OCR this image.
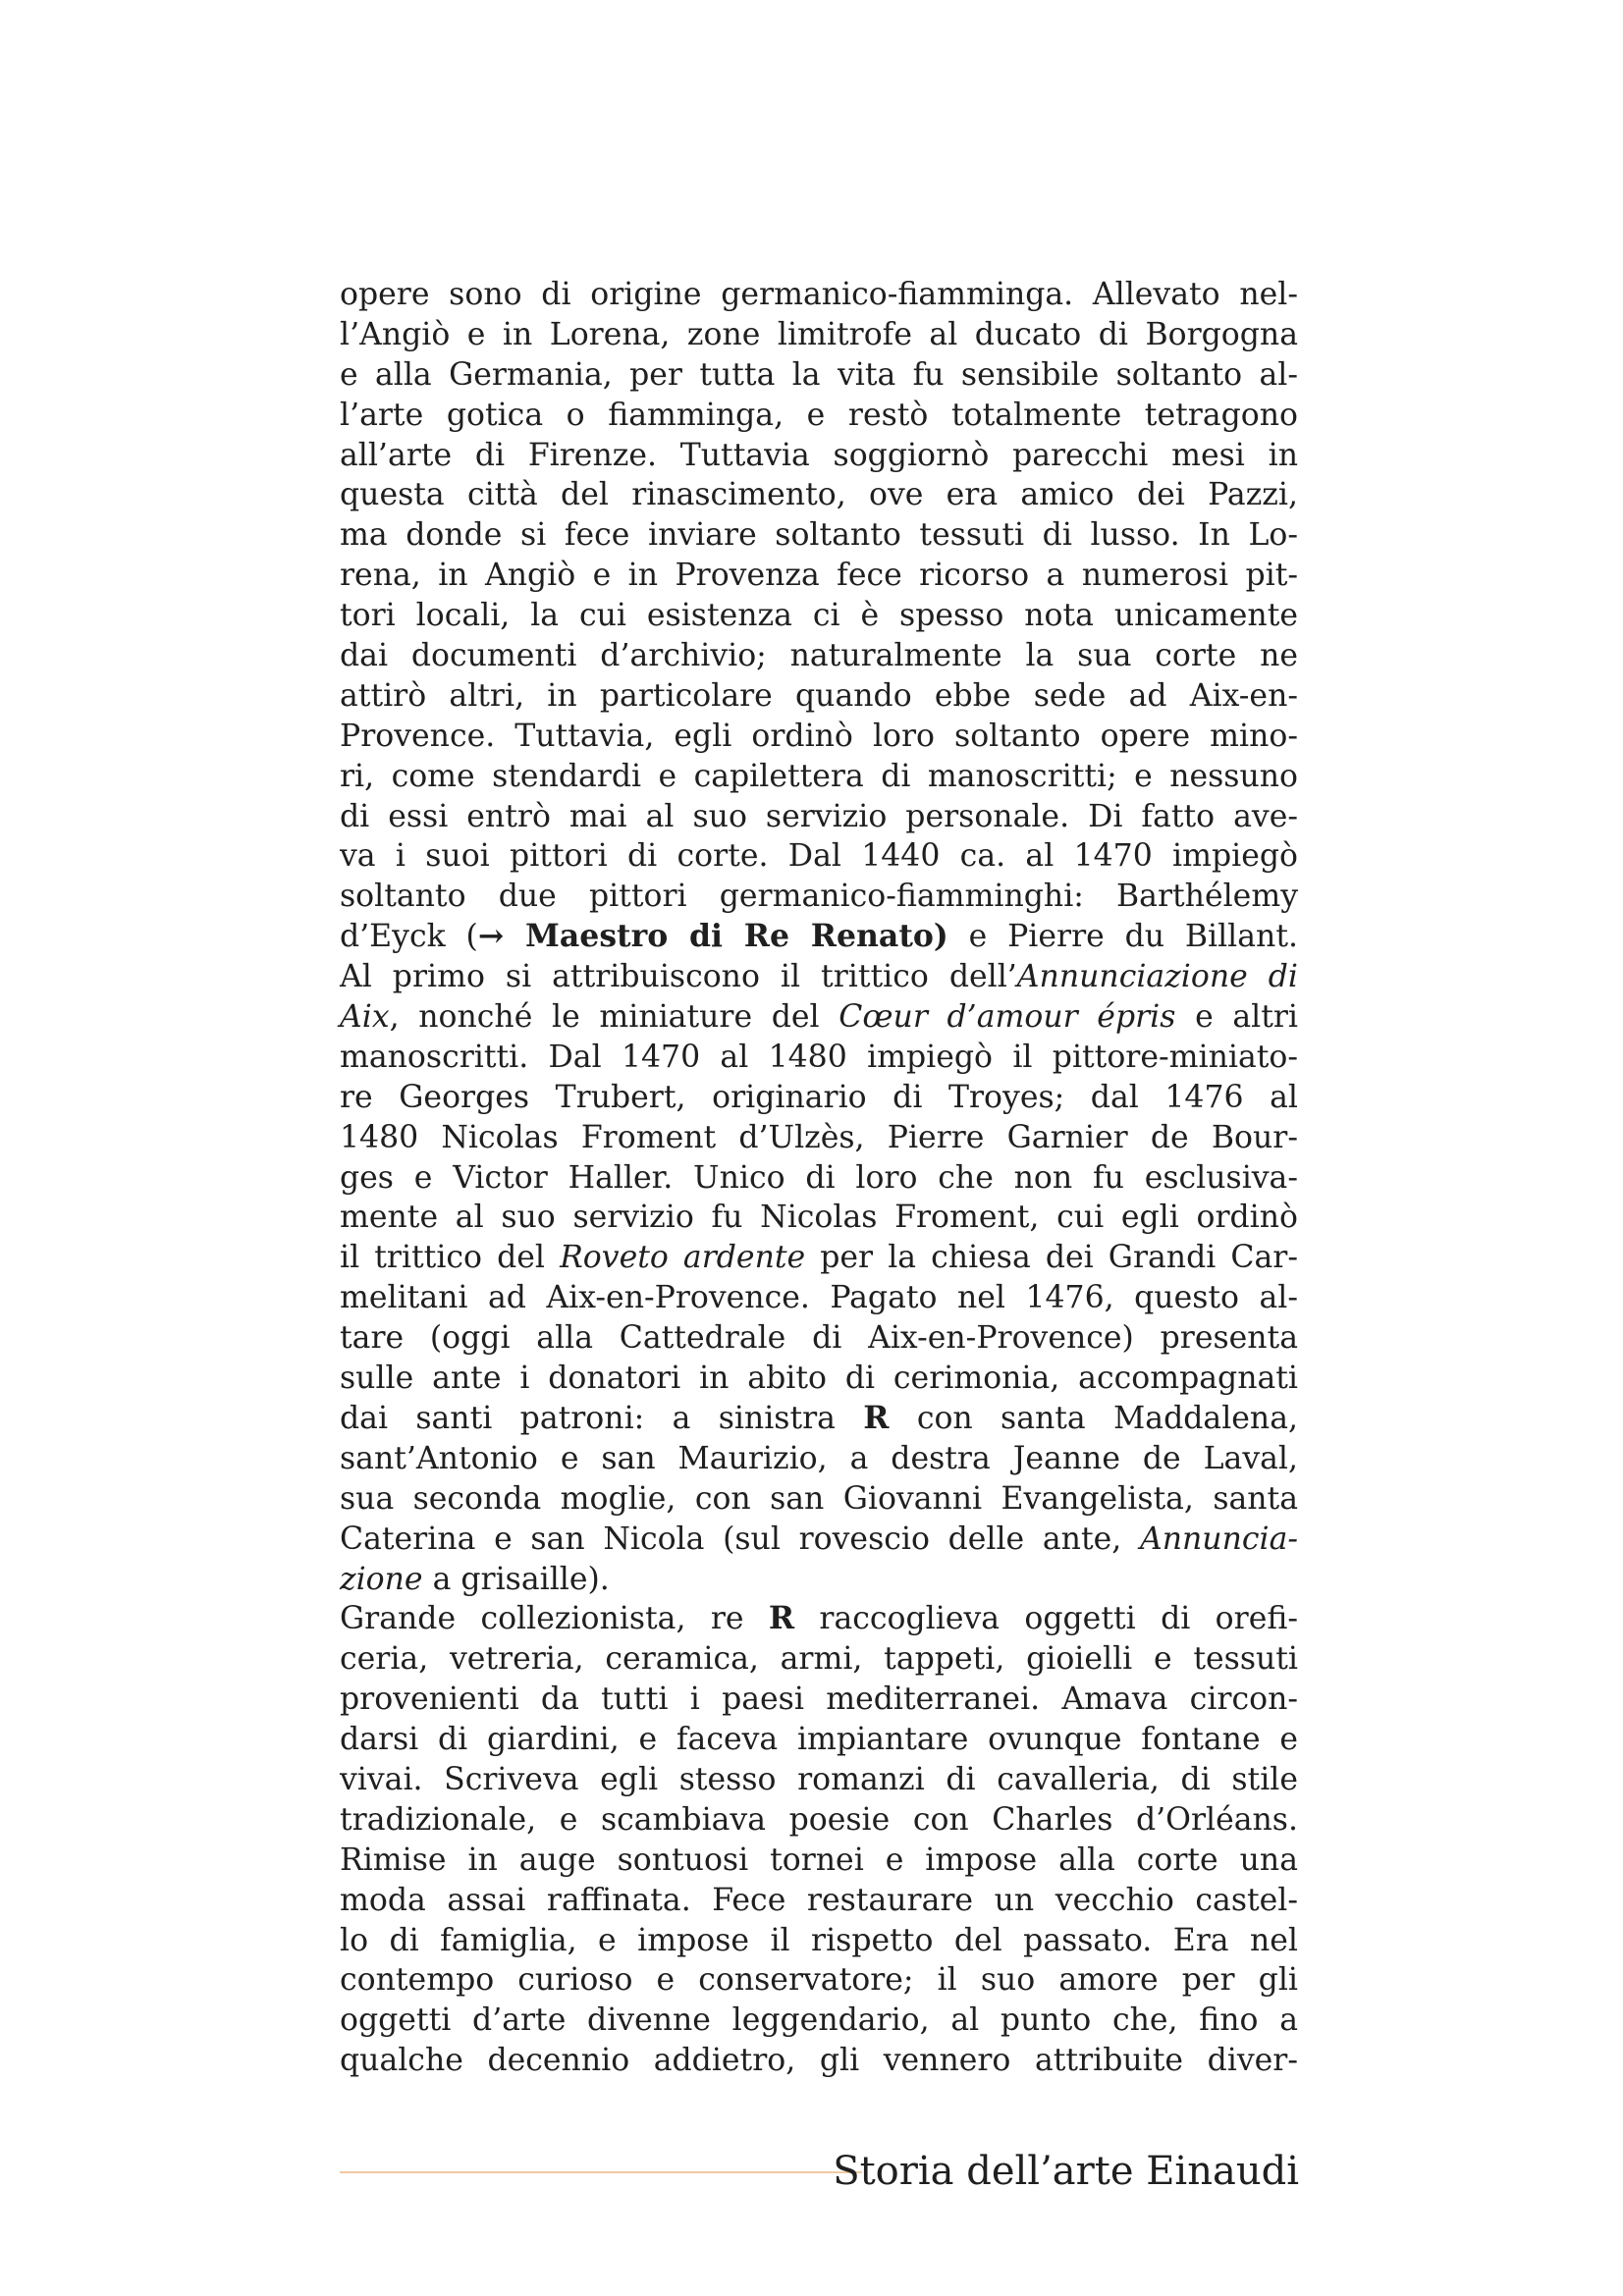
opere sono di origine germanico-fiamminga. Allevato nel-
l’Angiò e in Lorena, zone limitrofe al ducato di Borgogna
e alla Germania, per tutta la vita fu sensibile soltanto al-
l’arte gotica o fiamminga, e restò totalmente tetragono
all’arte di Firenze. Tuttavia soggiornò parecchi mesi in
questa città del rinascimento, ove era amico dei Pazzi,
ma donde si fece inviare soltanto tessuti di lusso. In Lo-
rena, in Angiò e in Provenza fece ricorso a numerosi pit-
tori locali, la cui esistenza ci è spesso nota unicamente
dai documenti d’archivio; naturalmente la sua corte ne
attirò altri, in particolare quando ebbe sede ad Aix-en-
Provence. Tuttavia, egli ordinò loro soltanto opere mino-
ri, come stendardi e capilettera di manoscritti; e nessuno
di essi entrò mai al suo servizio personale. Di fatto ave-
va i suoi pittori di corte. Dal 1440 ca. al 1470 impiegò
soltanto due pittori germanico-fiamminghi: Barthélemy
d’Eyck (→ Maestro di Re Renato) e Pierre du Billant.
Al primo si attribuiscono il trittico dell’Annunciazione di
Aix, nonché le miniature del Cœur d’amour épris e altri
manoscritti. Dal 1470 al 1480 impiegò il pittore-miniato-
re Georges Trubert, originario di Troyes; dal 1476 al
1480 Nicolas Froment d’Ulzès, Pierre Garnier de Bour-
ges e Victor Haller. Unico di loro che non fu esclusiva-
mente al suo servizio fu Nicolas Froment, cui egli ordinò
il trittico del Roveto ardente per la chiesa dei Grandi Car-
melitani ad Aix-en-Provence. Pagato nel 1476, questo al-
tare (oggi alla Cattedrale di Aix-en-Provence) presenta
sulle ante i donatori in abito di cerimonia, accompagnati
dai santi patroni: a sinistra R con santa Maddalena,
sant’Antonio e san Maurizio, a destra Jeanne de Laval,
sua seconda moglie, con san Giovanni Evangelista, santa
Caterina e san Nicola (sul rovescio delle ante, Annuncia-
zione a grisaille).
Grande collezionista, re R raccoglieva oggetti di orefi-
ceria, vetreria, ceramica, armi, tappeti, gioielli e tessuti
provenienti da tutti i paesi mediterranei. Amava circon-
darsi di giardini, e faceva impiantare ovunque fontane e
vivai. Scriveva egli stesso romanzi di cavalleria, di stile
tradizionale, e scambiava poesie con Charles d’Orléans.
Rimise in auge sontuosi tornei e impose alla corte una
moda assai raffinata. Fece restaurare un vecchio castel-
lo di famiglia, e impose il rispetto del passato. Era nel
contempo curioso e conservatore; il suo amore per gli
oggetti d’arte divenne leggendario, al punto che, fino a
qualche decennio addietro, gli vennero attribuite diver-
Storia dell’arte Einaudi
